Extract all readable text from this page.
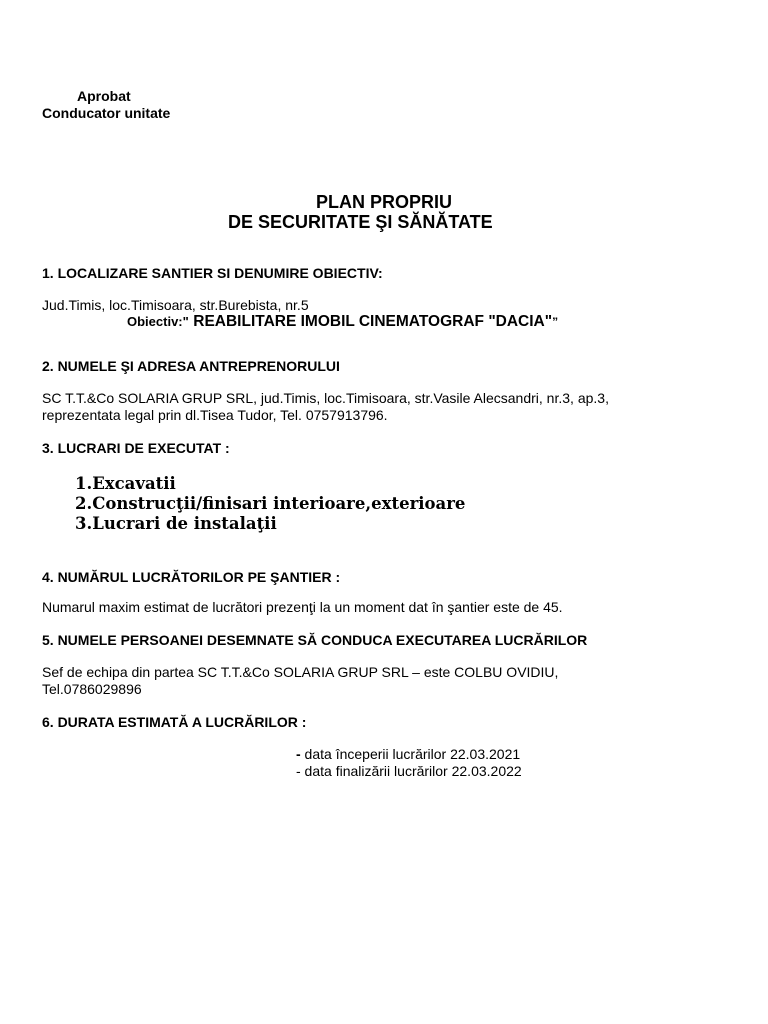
Aprobat
Conducator unitate
PLAN PROPRIU
DE SECURITATE ŞI SĂNĂTATE
1. LOCALIZARE SANTIER SI DENUMIRE OBIECTIV:
Jud.Timis, loc.Timisoara, str.Burebista, nr.5
Obiectiv:" REABILITARE IMOBIL CINEMATOGRAF "DACIA"”
2. NUMELE ŞI ADRESA ANTREPRENORULUI
SC T.T.&Co SOLARIA GRUP SRL, jud.Timis, loc.Timisoara, str.Vasile Alecsandri, nr.3, ap.3,
reprezentata legal prin dl.Tisea Tudor, Tel. 0757913796.
3. LUCRARI DE EXECUTAT :
1.Excavatii
2.Construcţii/finisari interioare,exterioare
3.Lucrari de instalaţii
4. NUMĂRUL LUCRĂTORILOR PE ŞANTIER :
Numarul maxim estimat de lucrători prezenţi la un moment dat în şantier este de 45.
5. NUMELE PERSOANEI DESEMNATE SĂ CONDUCA EXECUTAREA LUCRĂRILOR
Sef de echipa din partea SC T.T.&Co SOLARIA GRUP SRL – este COLBU OVIDIU,
Tel.0786029896
6. DURATA ESTIMATĂ A LUCRĂRILOR :
- data începerii lucrărilor 22.03.2021
- data finalizării lucrărilor 22.03.2022
